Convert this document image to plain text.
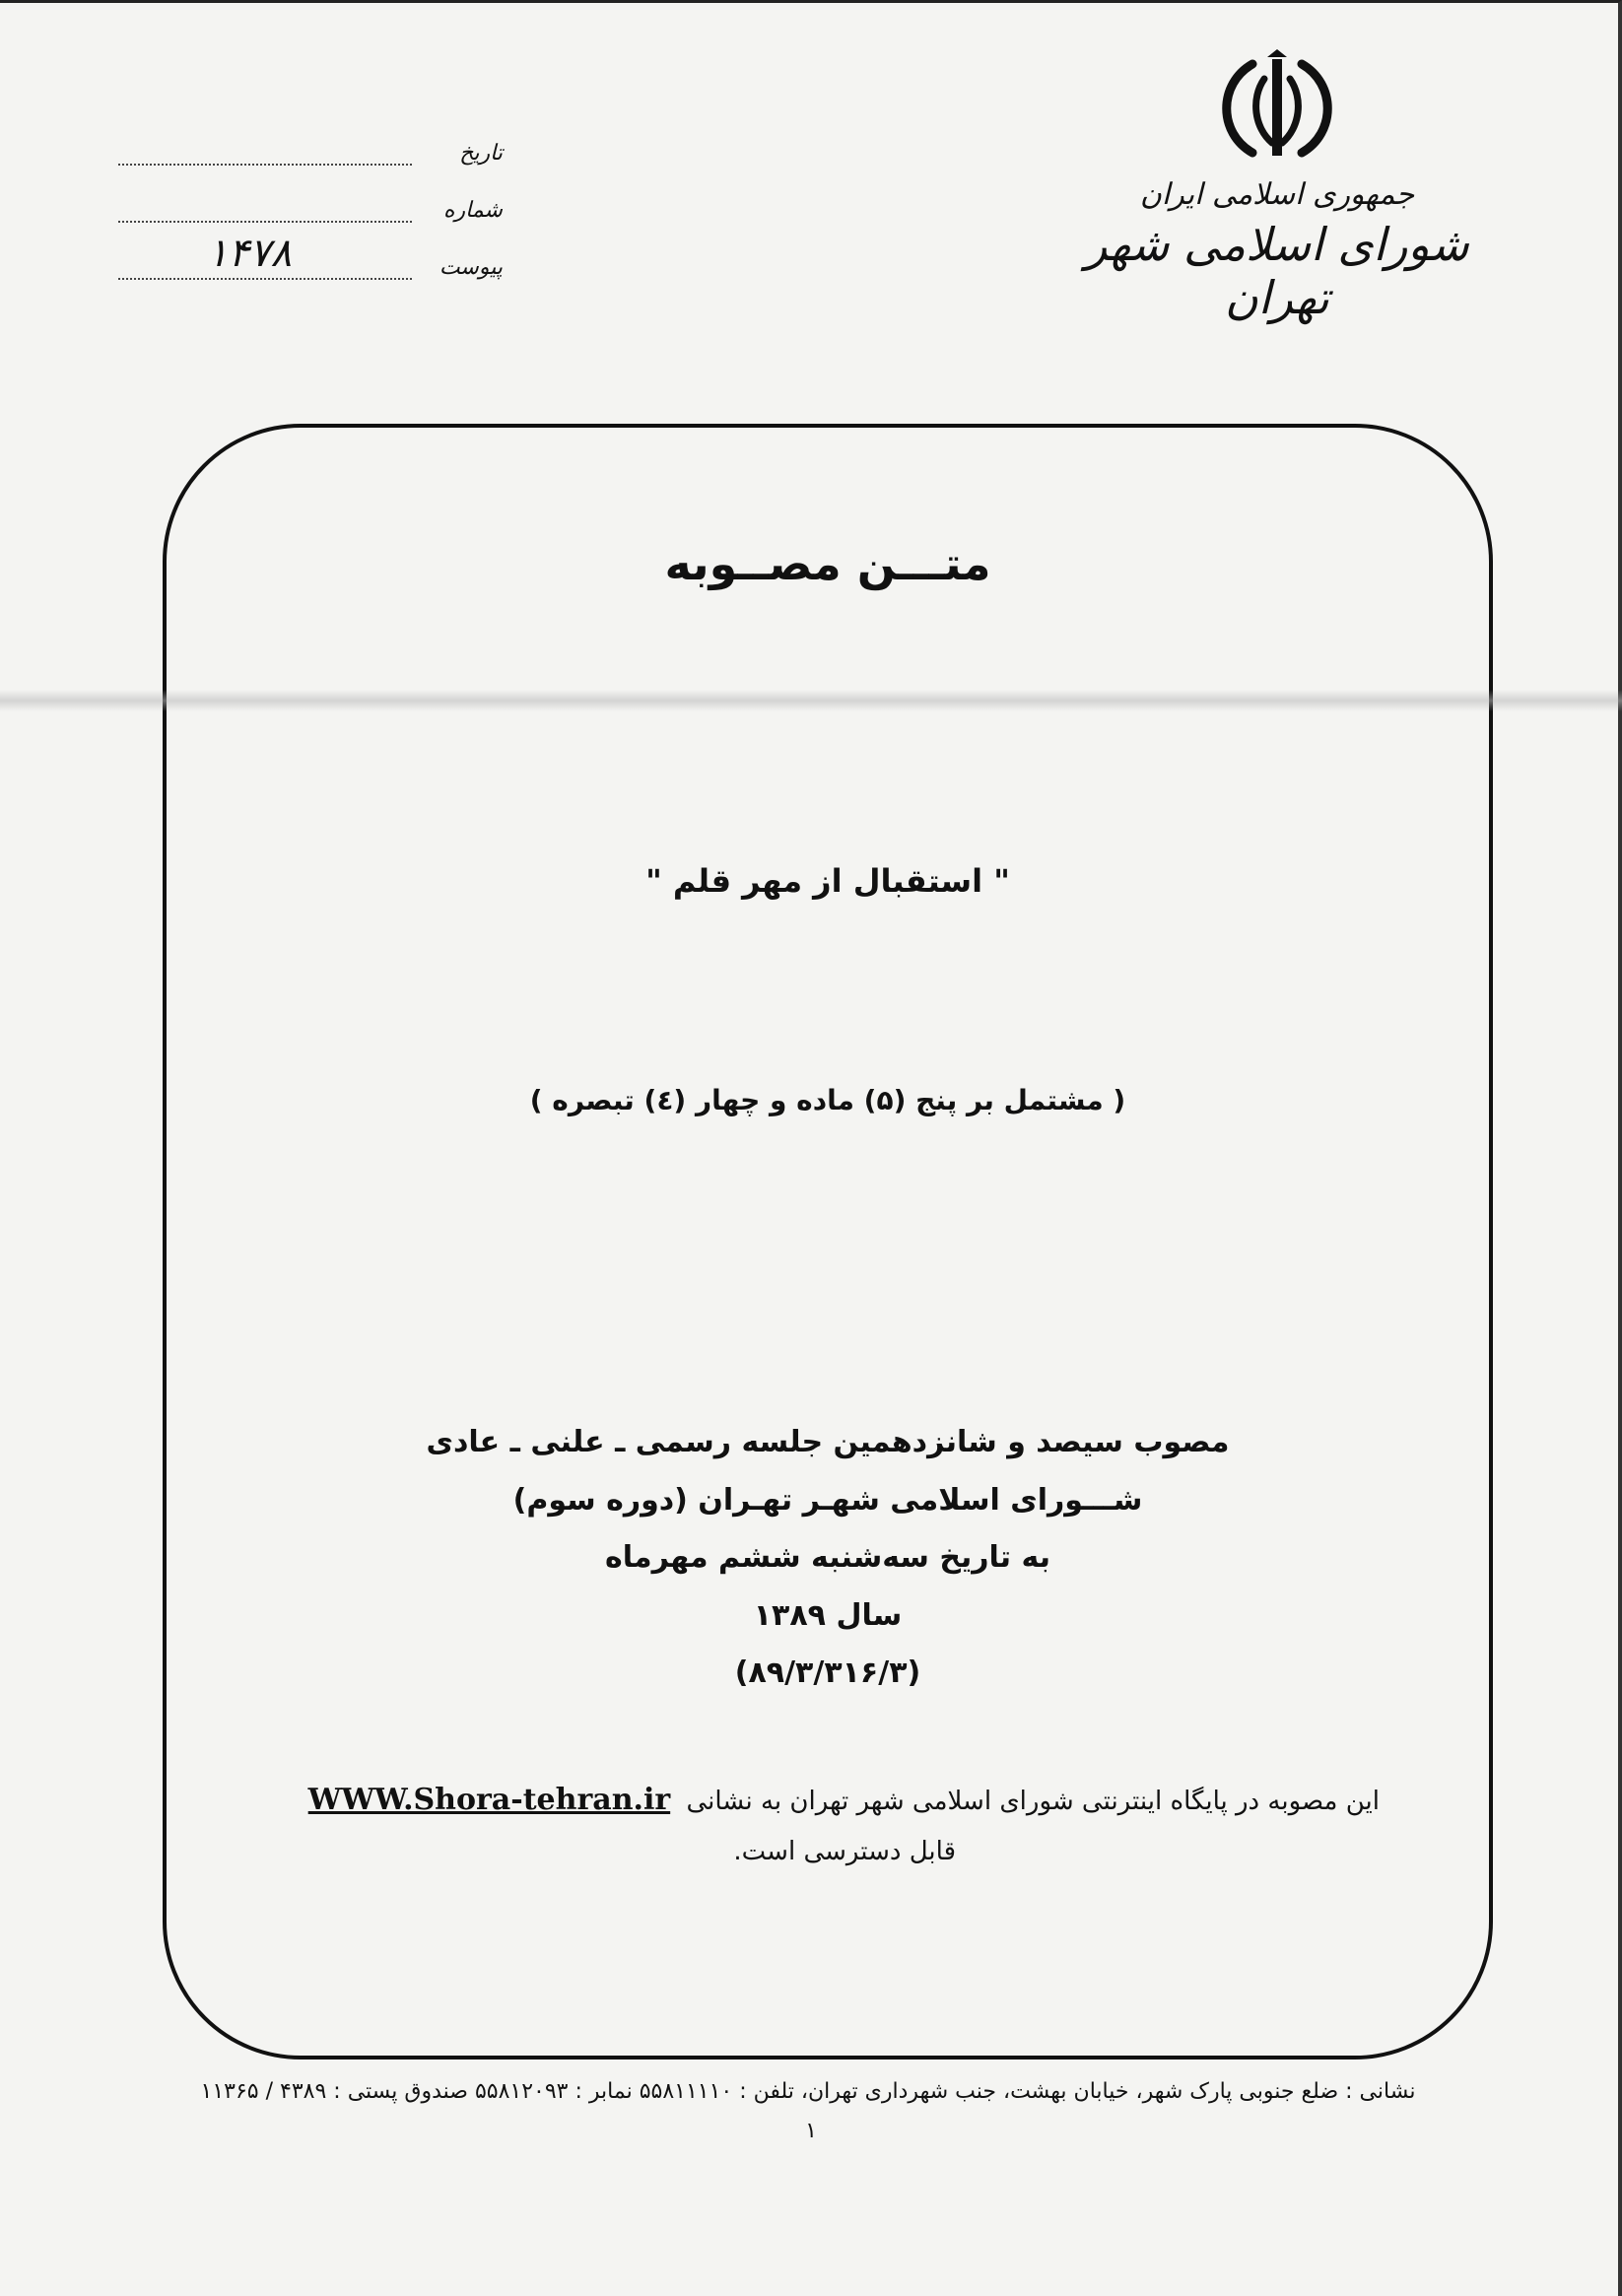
جمهوری اسلامی ایران
شورای اسلامی شهر تهران
تاریخ
شماره
پیوست
۱۴۷۸
متـــن مصــوبه
" استقبال از مهر قلم "
( مشتمل بر پنج (۵) ماده و چهار (٤) تبصره )
مصوب سیصد و شانزدهمین جلسه رسمی ـ علنی ـ عادی
شـــورای اسلامی شهـر تهـران (دوره سوم)
به تاریخ سه‌شنبه ششم مهرماه
سال ۱۳۸۹
(۸۹/۳/۳۱۶/۳)
این مصوبه در پایگاه اینترنتی شورای اسلامی شهر تهران به نشانی WWW.Shora-tehran.ir
قابل دسترسی است.
نشانی : ضلع جنوبی پارک شهر، خیابان بهشت، جنب شهرداری تهران، تلفن : ۵۵۸۱۱۱۱۰ نمابر : ۵۵۸۱۲۰۹۳ صندوق پستی : ۴۳۸۹ / ۱۱۳۶۵
۱
